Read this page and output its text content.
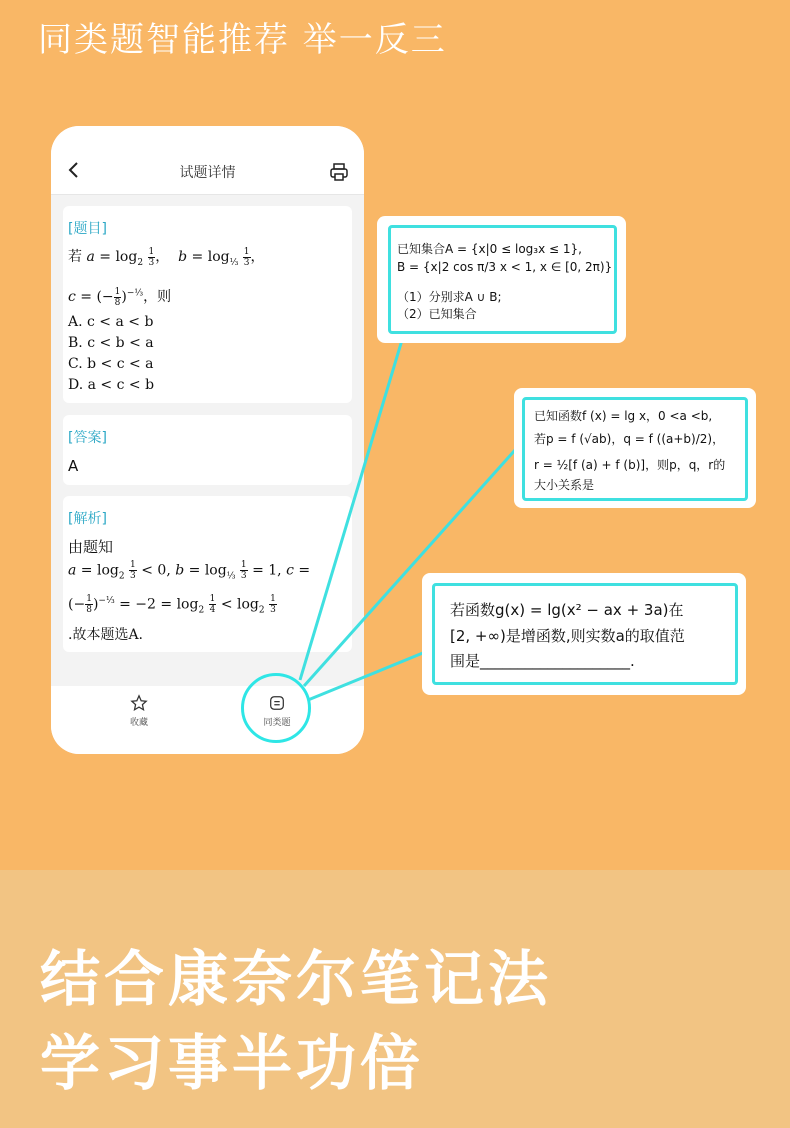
同类题智能推荐 举一反三
试题详情
[题目]
若 $a = \log_2 \frac{1}{3}$ ，  $b = \log_{\frac{1}{3}} \frac{1}{3}$ ，
c = (− $\frac{1}{8} )^{-\frac{1}{3}}$，则
A. c < a < b
B. c < b < a
C. b < c < a
D. a < c < b
[答案]
A
[解析]
由题知
$a = \log_2 \frac{1}{3} < 0$, $b = \log_{\frac{1}{3}} \frac{1}{3} = 1$, c =
(− $\frac{1}{8} )^{-\frac{1}{3}} = -2 = \log_2 \frac{1}{4} < \log_2 \frac{1}{3}$
.故本题选A.
收藏	同类题
已知集合A = {x|0 ≤ log₃x ≤ 1},
B = {x|2 cos π/3 x < 1, x ∈ [0, 2π)}
（1）分别求A ∪ B;
（2）已知集合
已知函数f (x) = lg x，0 <a <b,
若p = f (√ab)，q = f ((a+b)/2)，
r = ½[f (a) + f (b)]，则p，q，r的
大小关系是
若函数g(x) = lg(x² − ax + 3a)在
[2, +∞)是增函数,则实数a的取值范
围是____________________.
结合康奈尔笔记法
学习事半功倍
